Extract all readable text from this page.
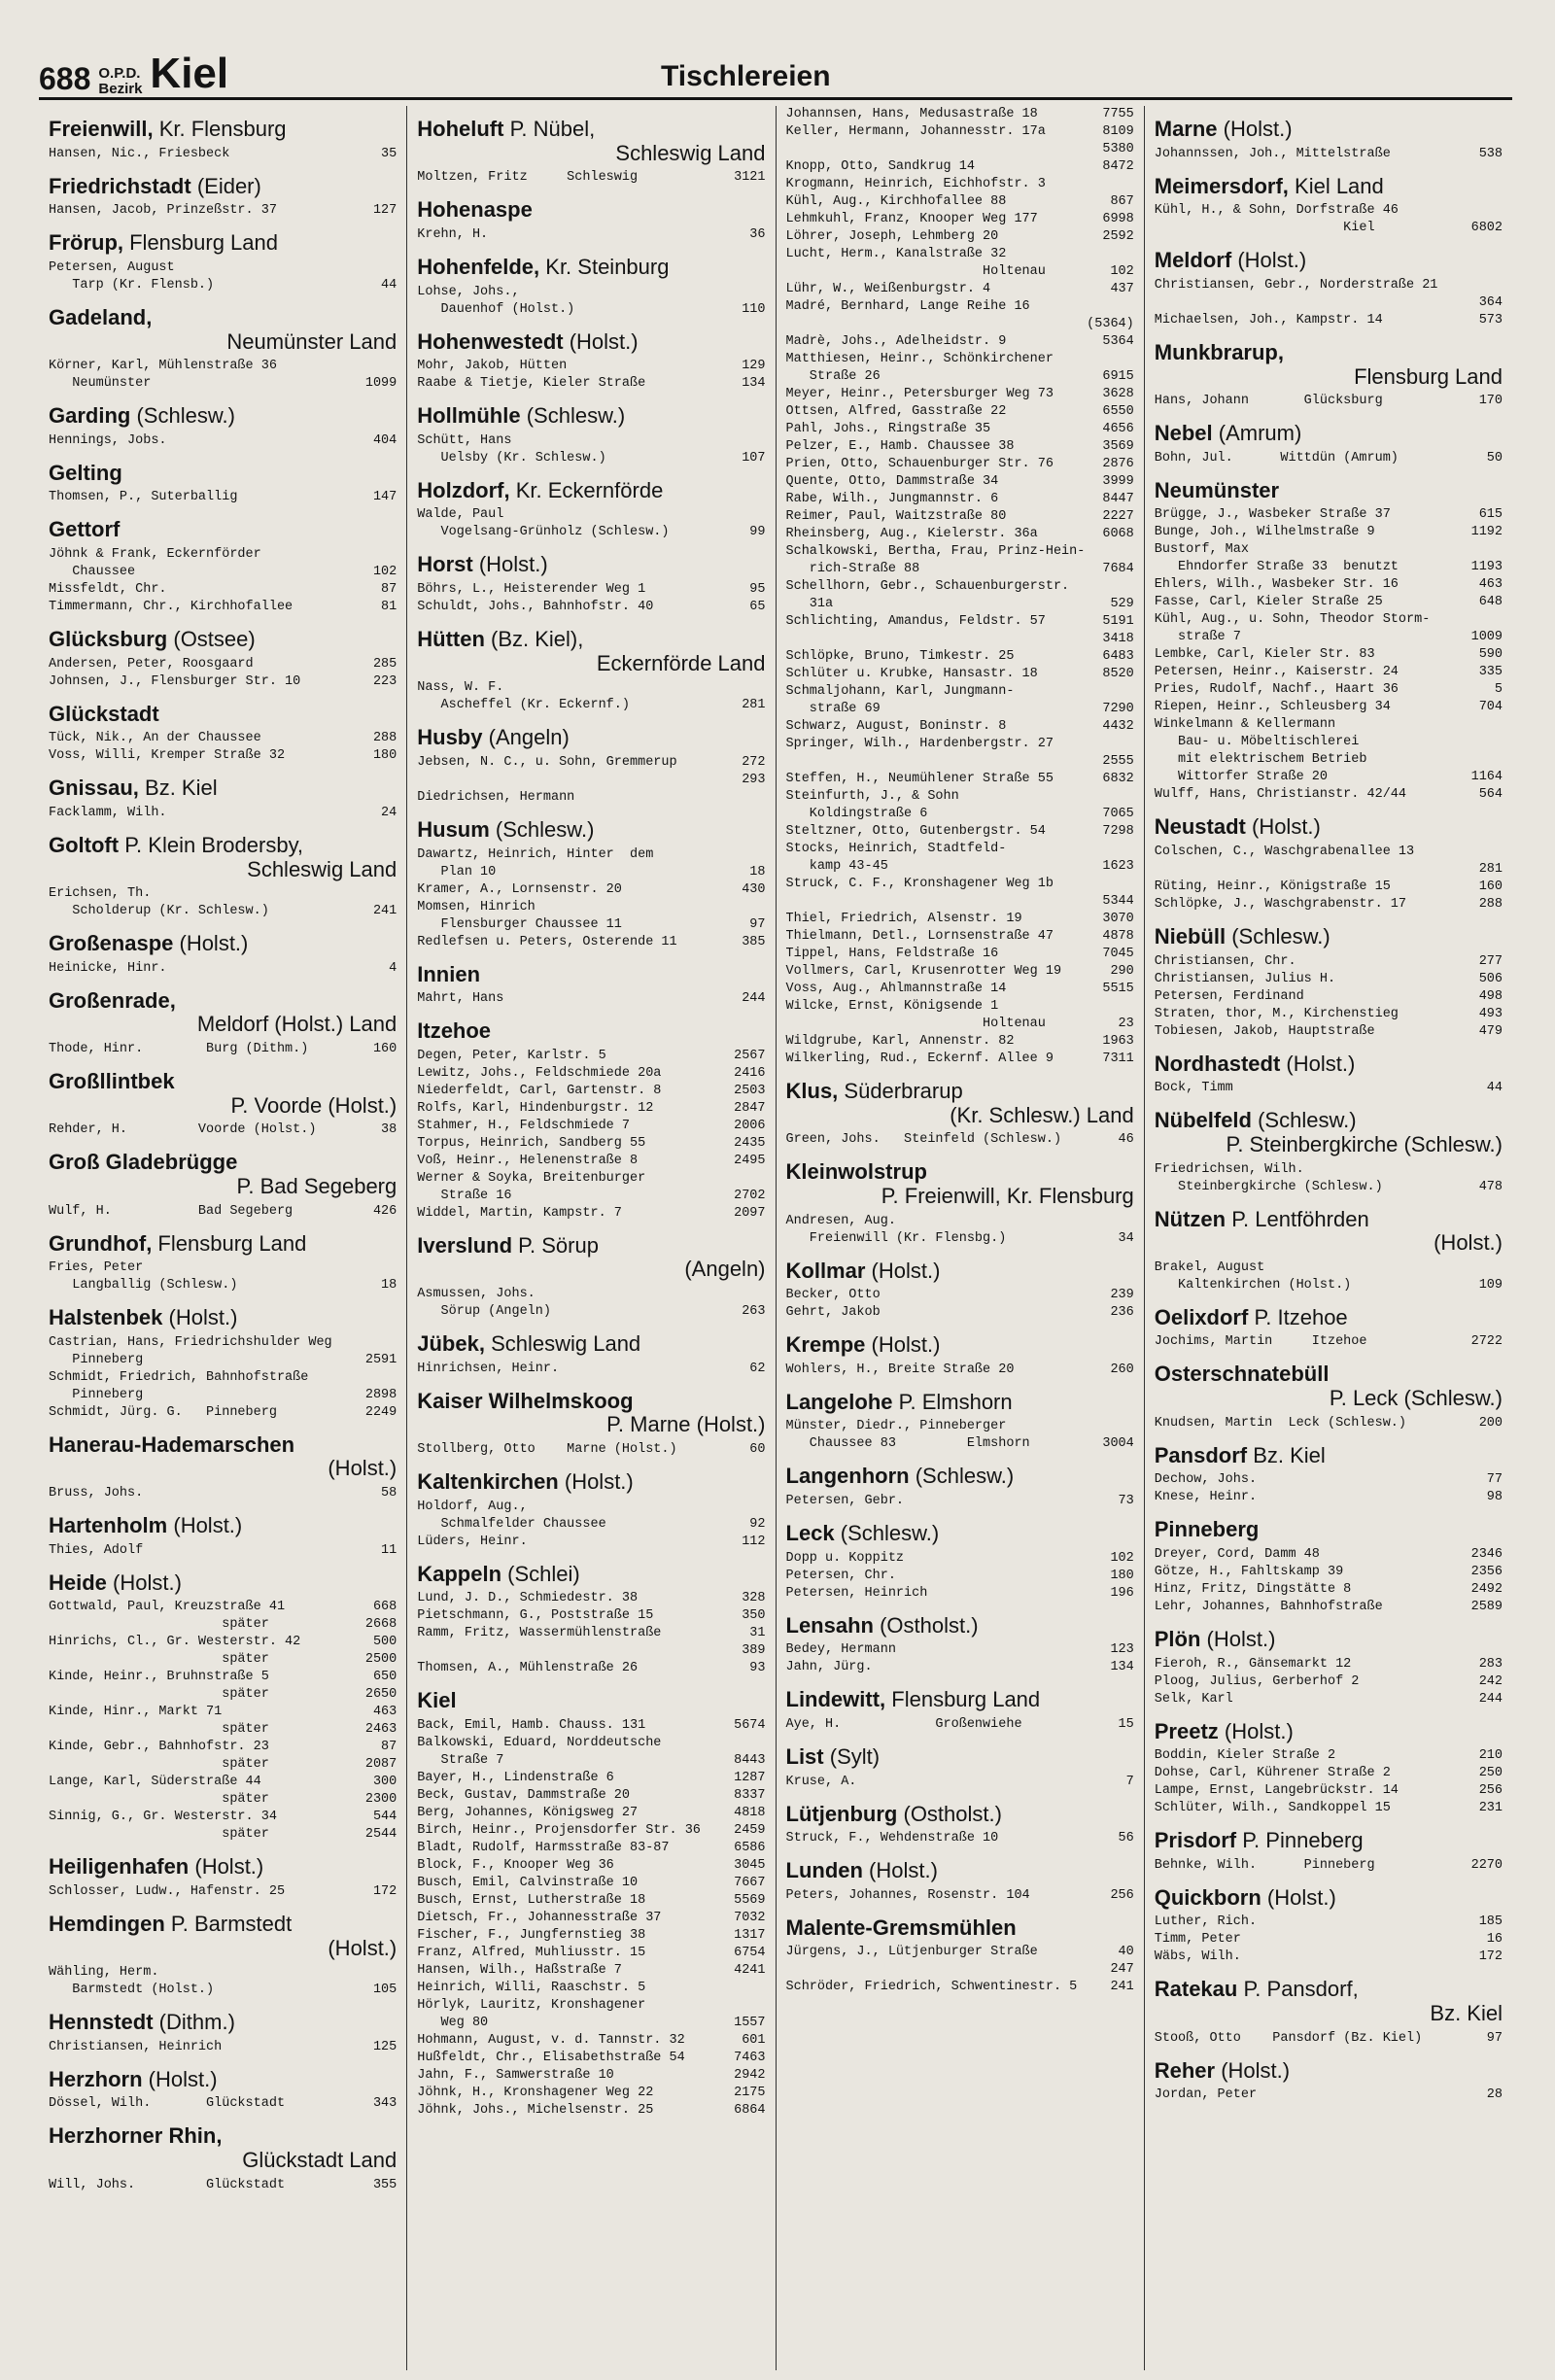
688 O.P.D.
Bezirk Kiel	Tischlereien
Freienwill, Kr. Flensburg
Hansen, Nic., Friesbeck	35
Friedrichstadt (Eider)
Hansen, Jacob, Prinzeßstr. 37	127
Frörup, Flensburg Land
Petersen, August
Tarp (Kr. Flensb.)	44
Gadeland,
Neumünster Land
Körner, Karl, Mühlenstraße 36
Neumünster	1099
Garding (Schlesw.)
Hennings, Jobs.	404
Gelting
Thomsen, P., Suterballig	147
Gettorf
Jöhnk & Frank, Eckernförder
Chaussee	102
Missfeldt, Chr.	87
Timmermann, Chr., Kirchhofallee	81
Glücksburg (Ostsee)
Andersen, Peter, Roosgaard	285
Johnsen, J., Flensburger Str. 10	223
Glückstadt
Tück, Nik., An der Chaussee	288
Voss, Willi, Kremper Straße 32	180
Gnissau, Bz. Kiel
Facklamm, Wilh.	24
Goltoft P. Klein Brodersby,
Schleswig Land
Erichsen, Th.
Scholderup (Kr. Schlesw.)	241
Großenaspe (Holst.)
Heinicke, Hinr.	4
Großenrade,
Meldorf (Holst.) Land
Thode, Hinr.        Burg (Dithm.)	160
Großllintbek
P. Voorde (Holst.)
Rehder, H.         Voorde (Holst.)	38
Groß Gladebrügge
P. Bad Segeberg
Wulf, H.           Bad Segeberg	426
Grundhof, Flensburg Land
Fries, Peter
Langballig (Schlesw.)	18
Halstenbek (Holst.)
Castrian, Hans, Friedrichshulder Weg
Pinneberg	2591
Schmidt, Friedrich, Bahnhofstraße
Pinneberg	2898
Schmidt, Jürg. G.   Pinneberg	2249
Hanerau-Hademarschen
(Holst.)
Bruss, Johs.	58
Hartenholm (Holst.)
Thies, Adolf	11
Heide (Holst.)
Gottwald, Paul, Kreuzstraße 41	668
später	2668
Hinrichs, Cl., Gr. Westerstr. 42	500
später	2500
Kinde, Heinr., Bruhnstraße 5	650
später	2650
Kinde, Hinr., Markt 71	463
später	2463
Kinde, Gebr., Bahnhofstr. 23	87
später	2087
Lange, Karl, Süderstraße 44	300
später	2300
Sinnig, G., Gr. Westerstr. 34	544
später	2544
Heiligenhafen (Holst.)
Schlosser, Ludw., Hafenstr. 25	172
Hemdingen P. Barmstedt
(Holst.)
Wähling, Herm.
Barmstedt (Holst.)	105
Hennstedt (Dithm.)
Christiansen, Heinrich	125
Herzhorn (Holst.)
Dössel, Wilh.       Glückstadt	343
Herzhorner Rhin,
Glückstadt Land
Will, Johs.         Glückstadt	355
Hoheluft P. Nübel,
Schleswig Land
Moltzen, Fritz     Schleswig	3121
Hohenaspe
Krehn, H.	36
Hohenfelde, Kr. Steinburg
Lohse, Johs.,
Dauenhof (Holst.)	110
Hohenwestedt (Holst.)
Mohr, Jakob, Hütten	129
Raabe & Tietje, Kieler Straße	134
Hollmühle (Schlesw.)
Schütt, Hans
Uelsby (Kr. Schlesw.)	107
Holzdorf, Kr. Eckernförde
Walde, Paul
Vogelsang-Grünholz (Schlesw.)	99
Horst (Holst.)
Böhrs, L., Heisterender Weg 1	95
Schuldt, Johs., Bahnhofstr. 40	65
Hütten (Bz. Kiel),
Eckernförde Land
Nass, W. F.
Ascheffel (Kr. Eckernf.)	281
Husby (Angeln)
Jebsen, N. C., u. Sohn, Gremmerup	272
293
Diedrichsen, Hermann
Husum (Schlesw.)
Dawartz, Heinrich, Hinter  dem
Plan 10	18
Kramer, A., Lornsenstr. 20	430
Momsen, Hinrich
Flensburger Chaussee 11	97
Redlefsen u. Peters, Osterende 11	385
Innien
Mahrt, Hans	244
Itzehoe
Degen, Peter, Karlstr. 5	2567
Lewitz, Johs., Feldschmiede 20a	2416
Niederfeldt, Carl, Gartenstr. 8	2503
Rolfs, Karl, Hindenburgstr. 12	2847
Stahmer, H., Feldschmiede 7	2006
Torpus, Heinrich, Sandberg 55	2435
Voß, Heinr., Helenenstraße 8	2495
Werner & Soyka, Breitenburger
Straße 16	2702
Widdel, Martin, Kampstr. 7	2097
Iverslund P. Sörup
(Angeln)
Asmussen, Johs.
Sörup (Angeln)	263
Jübek, Schleswig Land
Hinrichsen, Heinr.	62
Kaiser Wilhelmskoog
P. Marne (Holst.)
Stollberg, Otto    Marne (Holst.)	60
Kaltenkirchen (Holst.)
Holdorf, Aug.,
Schmalfelder Chaussee	92
Lüders, Heinr.	112
Kappeln (Schlei)
Lund, J. D., Schmiedestr. 38	328
Pietschmann, G., Poststraße 15	350
Ramm, Fritz, Wassermühlenstraße	31
389
Thomsen, A., Mühlenstraße 26	93
Kiel
Back, Emil, Hamb. Chauss. 131	5674
Balkowski, Eduard, Norddeutsche
Straße 7	8443
Bayer, H., Lindenstraße 6	1287
Beck, Gustav, Dammstraße 20	8337
Berg, Johannes, Königsweg 27	4818
Birch, Heinr., Projensdorfer Str. 36	2459
Bladt, Rudolf, Harmsstraße 83-87	6586
Block, F., Knooper Weg 36	3045
Busch, Emil, Calvinstraße 10	7667
Busch, Ernst, Lutherstraße 18	5569
Dietsch, Fr., Johannesstraße 37	7032
Fischer, F., Jungfernstieg 38	1317
Franz, Alfred, Muhliusstr. 15	6754
Hansen, Wilh., Haßstraße 7	4241
Heinrich, Willi, Raaschstr. 5
Hörlyk, Lauritz, Kronshagener
Weg 80	1557
Hohmann, August, v. d. Tannstr. 32	601
Hußfeldt, Chr., Elisabethstraße 54	7463
Jahn, F., Samwerstraße 10	2942
Jöhnk, H., Kronshagener Weg 22	2175
Jöhnk, Johs., Michelsenstr. 25	6864
Johannsen, Hans, Medusastraße 18	7755
Keller, Hermann, Johannesstr. 17a	8109
5380
Knopp, Otto, Sandkrug 14	8472
Krogmann, Heinrich, Eichhofstr. 3
Kühl, Aug., Kirchhofallee 88	867
Lehmkuhl, Franz, Knooper Weg 177	6998
Löhrer, Joseph, Lehmberg 20	2592
Lucht, Herm., Kanalstraße 32
Holtenau	102
Lühr, W., Weißenburgstr. 4	437
Madré, Bernhard, Lange Reihe 16
(5364)
Madrè, Johs., Adelheidstr. 9	5364
Matthiesen, Heinr., Schönkirchener
Straße 26	6915
Meyer, Heinr., Petersburger Weg 73	3628
Ottsen, Alfred, Gasstraße 22	6550
Pahl, Johs., Ringstraße 35	4656
Pelzer, E., Hamb. Chaussee 38	3569
Prien, Otto, Schauenburger Str. 76	2876
Quente, Otto, Dammstraße 34	3999
Rabe, Wilh., Jungmannstr. 6	8447
Reimer, Paul, Waitzstraße 80	2227
Rheinsberg, Aug., Kielerstr. 36a	6068
Schalkowski, Bertha, Frau, Prinz-Hein-
rich-Straße 88	7684
Schellhorn, Gebr., Schauenburgerstr.
31a	529
Schlichting, Amandus, Feldstr. 57	5191
3418
Schlöpke, Bruno, Timkestr. 25	6483
Schlüter u. Krubke, Hansastr. 18	8520
Schmaljohann, Karl, Jungmann-
straße 69	7290
Schwarz, August, Boninstr. 8	4432
Springer, Wilh., Hardenbergstr. 27
2555
Steffen, H., Neumühlener Straße 55	6832
Steinfurth, J., & Sohn
Koldingstraße 6	7065
Steltzner, Otto, Gutenbergstr. 54	7298
Stocks, Heinrich, Stadtfeld-
kamp 43-45	1623
Struck, C. F., Kronshagener Weg 1b
5344
Thiel, Friedrich, Alsenstr. 19	3070
Thielmann, Detl., Lornsenstraße 47	4878
Tippel, Hans, Feldstraße 16	7045
Vollmers, Carl, Krusenrotter Weg 19	290
Voss, Aug., Ahlmannstraße 14	5515
Wilcke, Ernst, Königsende 1
Holtenau	23
Wildgrube, Karl, Annenstr. 82	1963
Wilkerling, Rud., Eckernf. Allee 9	7311
Klus, Süderbrarup
(Kr. Schlesw.) Land
Green, Johs.   Steinfeld (Schlesw.)	46
Kleinwolstrup
P. Freienwill, Kr. Flensburg
Andresen, Aug.
Freienwill (Kr. Flensbg.)	34
Kollmar (Holst.)
Becker, Otto	239
Gehrt, Jakob	236
Krempe (Holst.)
Wohlers, H., Breite Straße 20	260
Langelohe P. Elmshorn
Münster, Diedr., Pinneberger
Chaussee 83         Elmshorn	3004
Langenhorn (Schlesw.)
Petersen, Gebr.	73
Leck (Schlesw.)
Dopp u. Koppitz	102
Petersen, Chr.	180
Petersen, Heinrich	196
Lensahn (Ostholst.)
Bedey, Hermann	123
Jahn, Jürg.	134
Lindewitt, Flensburg Land
Aye, H.            Großenwiehe	15
List (Sylt)
Kruse, A.	7
Lütjenburg (Ostholst.)
Struck, F., Wehdenstraße 10	56
Lunden (Holst.)
Peters, Johannes, Rosenstr. 104	256
Malente-Gremsmühlen
Jürgens, J., Lütjenburger Straße	40
247
Schröder, Friedrich, Schwentinestr. 5	241
Marne (Holst.)
Johannssen, Joh., Mittelstraße	538
Meimersdorf, Kiel Land
Kühl, H., & Sohn, Dorfstraße 46
Kiel	6802
Meldorf (Holst.)
Christiansen, Gebr., Norderstraße 21
364
Michaelsen, Joh., Kampstr. 14	573
Munkbrarup,
Flensburg Land
Hans, Johann       Glücksburg	170
Nebel (Amrum)
Bohn, Jul.      Wittdün (Amrum)	50
Neumünster
Brügge, J., Wasbeker Straße 37	615
Bunge, Joh., Wilhelmstraße 9	1192
Bustorf, Max
Ehndorfer Straße 33  benutzt	1193
Ehlers, Wilh., Wasbeker Str. 16	463
Fasse, Carl, Kieler Straße 25	648
Kühl, Aug., u. Sohn, Theodor Storm-
straße 7	1009
Lembke, Carl, Kieler Str. 83	590
Petersen, Heinr., Kaiserstr. 24	335
Pries, Rudolf, Nachf., Haart 36	5
Riepen, Heinr., Schleusberg 34	704
Winkelmann & Kellermann
Bau- u. Möbeltischlerei
mit elektrischem Betrieb
Wittorfer Straße 20	1164
Wulff, Hans, Christianstr. 42/44	564
Neustadt (Holst.)
Colschen, C., Waschgrabenallee 13
281
Rüting, Heinr., Königstraße 15	160
Schlöpke, J., Waschgrabenstr. 17	288
Niebüll (Schlesw.)
Christiansen, Chr.	277
Christiansen, Julius H.	506
Petersen, Ferdinand	498
Straten, thor, M., Kirchenstieg	493
Tobiesen, Jakob, Hauptstraße	479
Nordhastedt (Holst.)
Bock, Timm	44
Nübelfeld (Schlesw.)
P. Steinbergkirche (Schlesw.)
Friedrichsen, Wilh.
Steinbergkirche (Schlesw.)	478
Nützen P. Lentföhrden
(Holst.)
Brakel, August
Kaltenkirchen (Holst.)	109
Oelixdorf P. Itzehoe
Jochims, Martin     Itzehoe	2722
Osterschnatebüll
P. Leck (Schlesw.)
Knudsen, Martin  Leck (Schlesw.)	200
Pansdorf Bz. Kiel
Dechow, Johs.	77
Knese, Heinr.	98
Pinneberg
Dreyer, Cord, Damm 48	2346
Götze, H., Fahltskamp 39	2356
Hinz, Fritz, Dingstätte 8	2492
Lehr, Johannes, Bahnhofstraße	2589
Plön (Holst.)
Fieroh, R., Gänsemarkt 12	283
Ploog, Julius, Gerberhof 2	242
Selk, Karl	244
Preetz (Holst.)
Boddin, Kieler Straße 2	210
Dohse, Carl, Kührener Straße 2	250
Lampe, Ernst, Langebrückstr. 14	256
Schlüter, Wilh., Sandkoppel 15	231
Prisdorf P. Pinneberg
Behnke, Wilh.      Pinneberg	2270
Quickborn (Holst.)
Luther, Rich.	185
Timm, Peter	16
Wäbs, Wilh.	172
Ratekau P. Pansdorf,
Bz. Kiel
Stooß, Otto    Pansdorf (Bz. Kiel)	97
Reher (Holst.)
Jordan, Peter	28
